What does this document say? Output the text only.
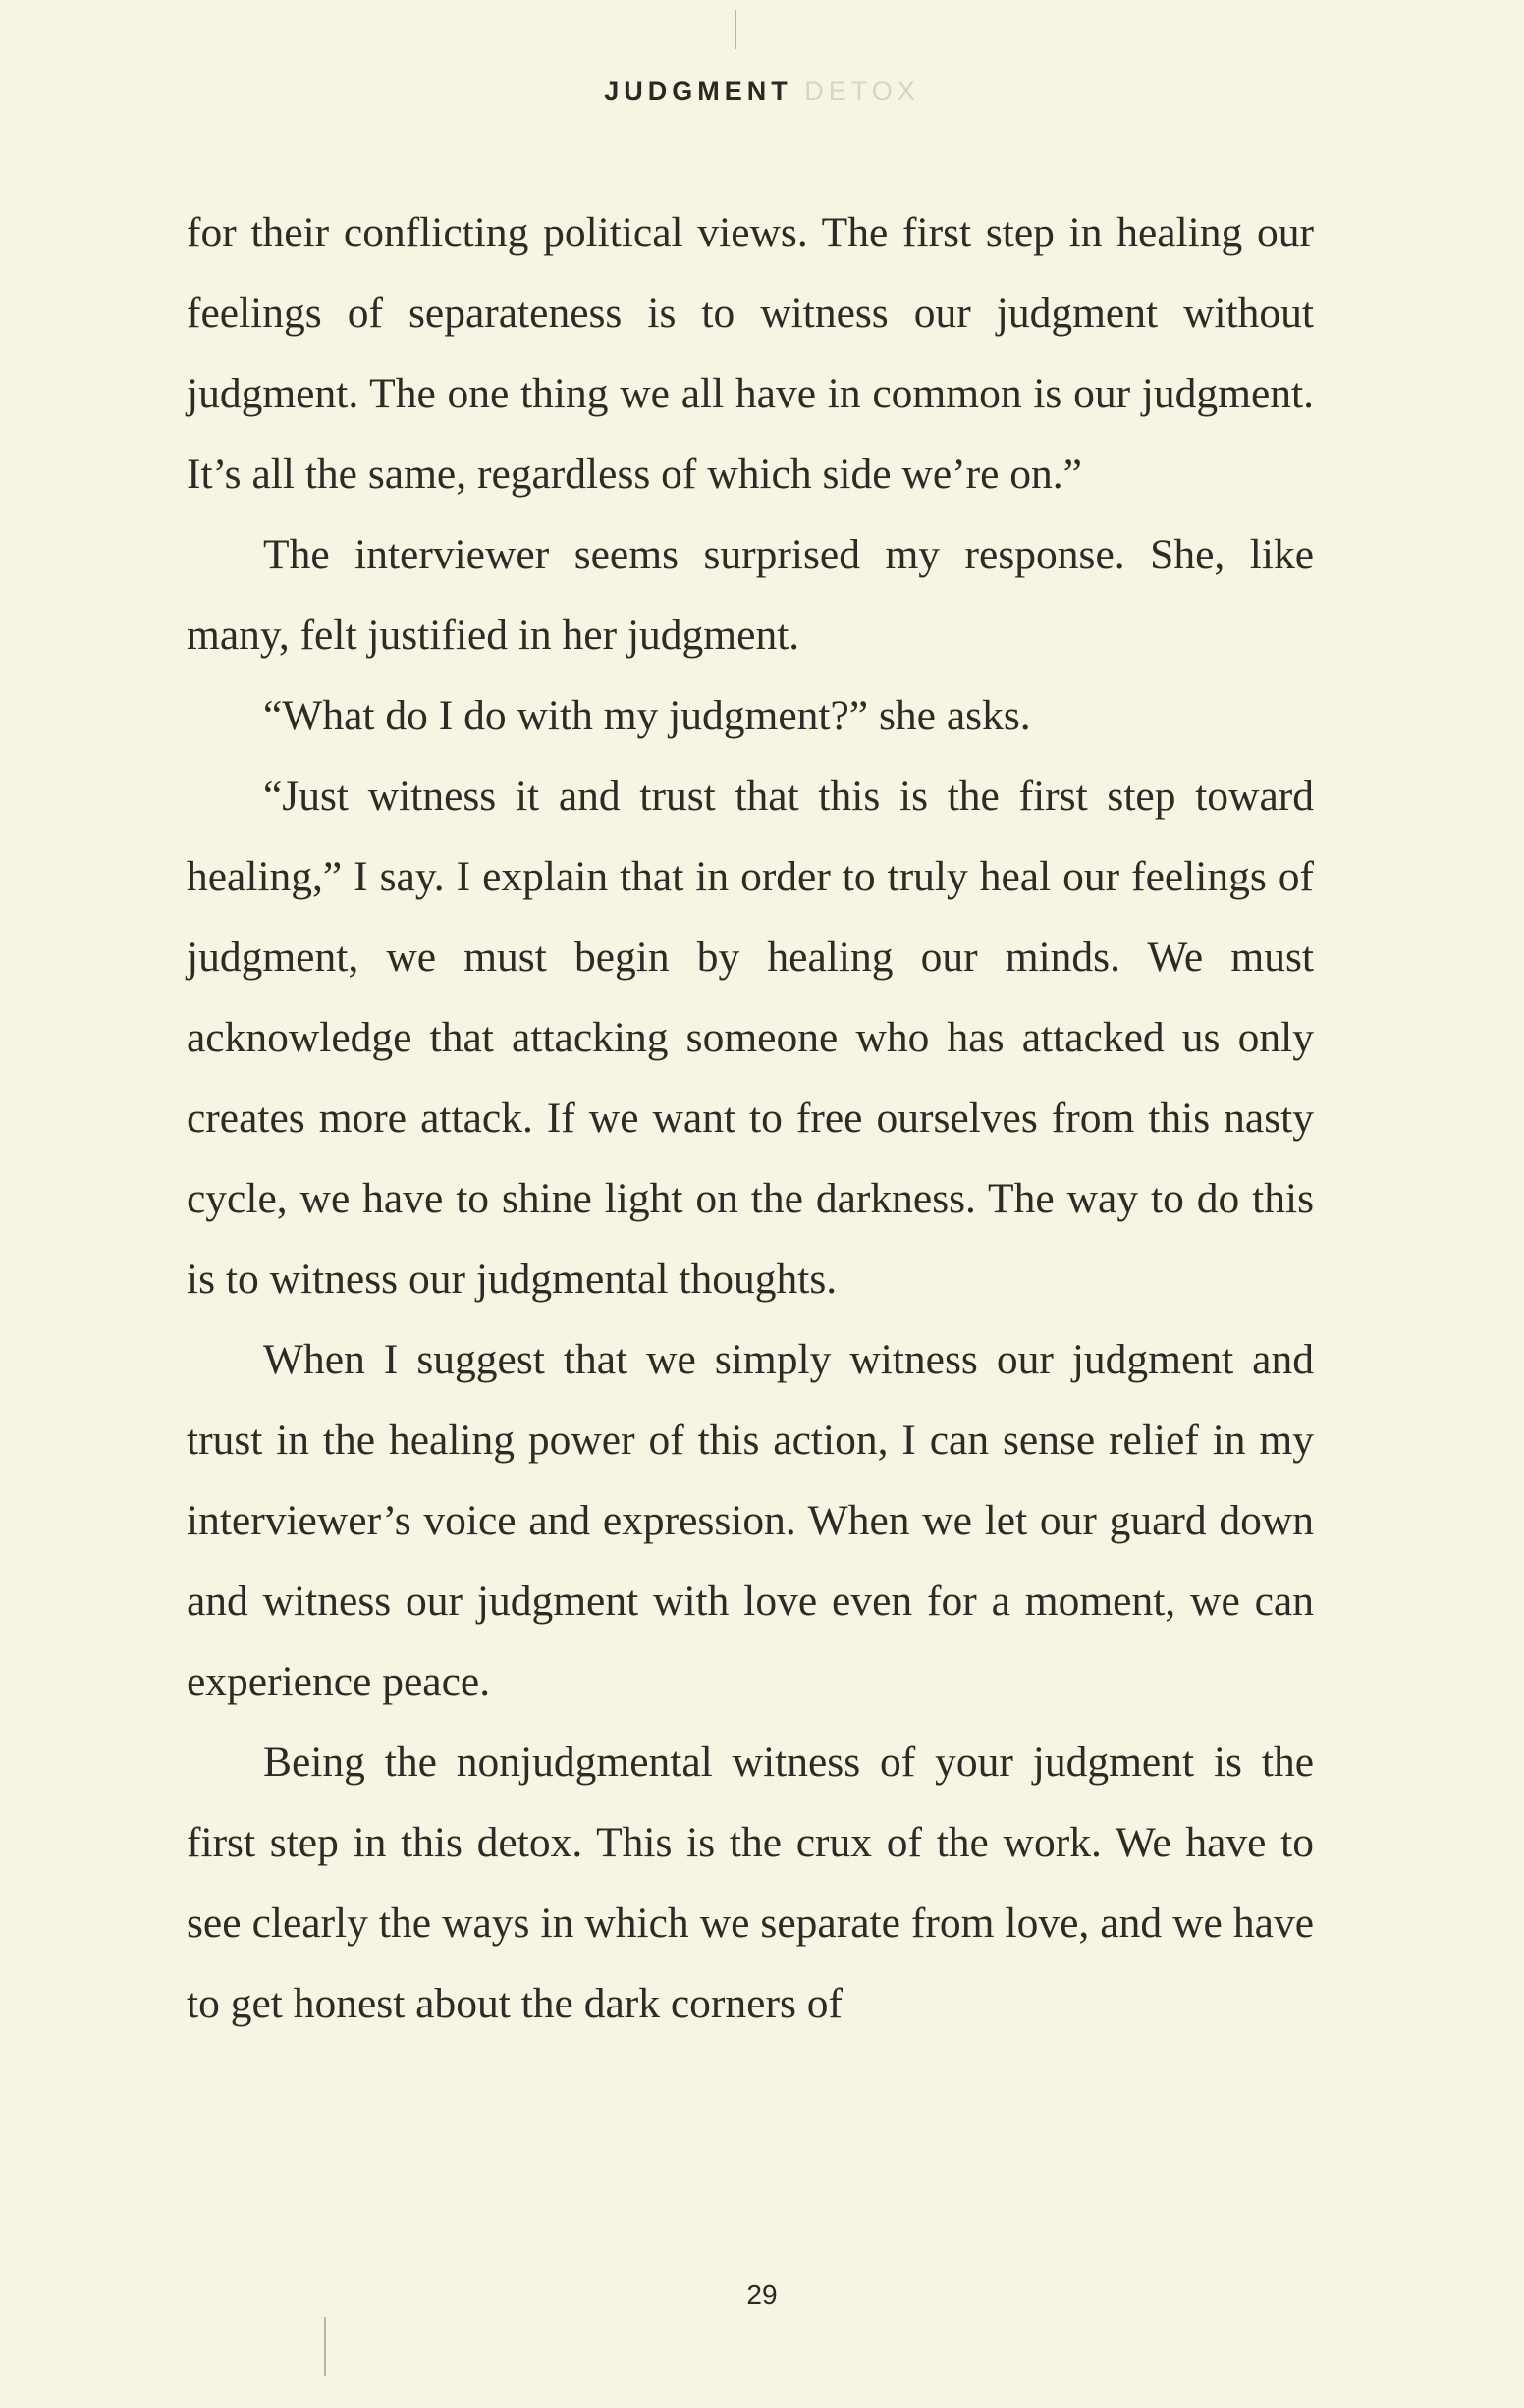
JUDGMENT DETOX

for their conflicting political views. The first step in healing our feelings of separateness is to witness our judgment without judgment. The one thing we all have in common is our judgment. It’s all the same, regardless of which side we’re on.”

The interviewer seems surprised my response. She, like many, felt justified in her judgment.

“What do I do with my judgment?” she asks.

“Just witness it and trust that this is the first step toward healing,” I say. I explain that in order to truly heal our feelings of judgment, we must begin by healing our minds. We must acknowledge that attacking someone who has attacked us only creates more attack. If we want to free ourselves from this nasty cycle, we have to shine light on the darkness. The way to do this is to witness our judgmental thoughts.

When I suggest that we simply witness our judgment and trust in the healing power of this action, I can sense relief in my interviewer’s voice and expression. When we let our guard down and witness our judgment with love even for a moment, we can experience peace.

Being the nonjudgmental witness of your judgment is the first step in this detox. This is the crux of the work. We have to see clearly the ways in which we separate from love, and we have to get honest about the dark corners of

29
